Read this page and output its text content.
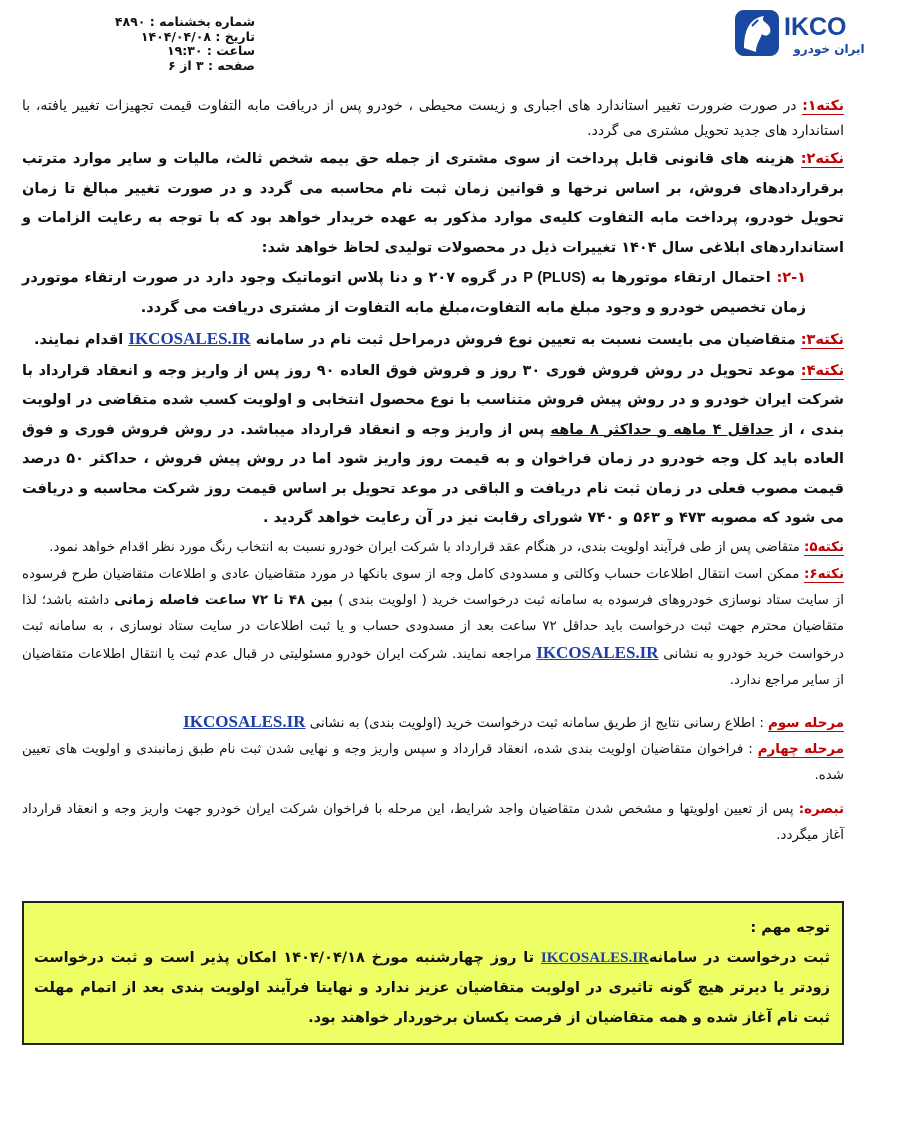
IKCO
ایران خودرو
شماره بخشنامه : ۴۸۹۰
تاریخ : ۱۴۰۴/۰۴/۰۸
ساعت : ۱۹:۳۰
صفحه : ۳ از ۶

نکته۱: در صورت ضرورت تغییر استاندارد های اجباری و زیست محیطی ، خودرو پس از دریافت مابه التفاوت قیمت تجهیزات تغییر یافته، با استاندارد های جدید تحویل مشتری می گردد.

نکته۲: هزینه های قانونی قابل پرداخت از سوی مشتری از جمله حق بیمه شخص ثالث، مالیات و سایر موارد مترتب برقراردادهای فروش، بر اساس نرخها و قوانین زمان ثبت نام محاسبه می گردد و در صورت تغییر مبالغ تا زمان تحویل خودرو، پرداخت مابه التفاوت کلیه‌ی موارد مذکور به عهده خریدار خواهد بود که با توجه به رعایت الزامات و استانداردهای ابلاغی سال ۱۴۰۴ تغییرات ذیل در محصولات تولیدی لحاظ خواهد شد:

۲-۱: احتمال ارتقاء موتورها به P (PLUS) در گروه ۲۰۷ و دنا پلاس اتوماتیک وجود دارد در صورت ارتقاء موتوردر زمان تخصیص خودرو و وجود مبلغ مابه التفاوت،مبلغ مابه التفاوت از مشتری دریافت می گردد.

نکته۳: متقاضیان می بایست نسبت به تعیین نوع فروش درمراحل ثبت نام در سامانه IKCOSALES.IR اقدام نمایند.

نکته۴: موعد تحویل در روش فروش فوری ۳۰ روز و فروش فوق العاده ۹۰ روز پس از واریز وجه و انعقاد قرارداد با شرکت ایران خودرو و در روش پیش فروش متناسب با نوع محصول انتخابی و اولویت کسب شده متقاضی در اولویت بندی ، از حداقل ۴ ماهه و حداکثر ۸ ماهه پس از واریز وجه و انعقاد قرارداد میباشد. در روش فروش فوری و فوق العاده باید کل وجه خودرو در زمان فراخوان و به قیمت روز واریز شود اما در روش پیش فروش ، حداکثر ۵۰ درصد قیمت مصوب فعلی در زمان ثبت نام دریافت و الباقی در موعد تحویل بر اساس قیمت روز شرکت محاسبه و دریافت می شود که مصوبه ۴۷۳ و ۵۶۳ و ۷۴۰ شورای رقابت نیز در آن رعایت خواهد گردید .

نکته۵: متقاضی پس از طی فرآیند اولویت بندی، در هنگام عقد قرارداد با شرکت ایران خودرو نسبت به انتخاب رنگ مورد نظر اقدام خواهد نمود.

نکته۶: ممکن است انتقال اطلاعات حساب وکالتی و مسدودی کامل وجه از سوی بانکها در مورد متقاضیان عادی و اطلاعات متقاضیان طرح فرسوده از سایت ستاد نوسازی خودروهای فرسوده به سامانه ثبت درخواست خرید ( اولویت بندی ) بین ۴۸ تا ۷۲ ساعت فاصله زمانی داشته باشد؛ لذا متقاضیان محترم جهت ثبت درخواست باید حداقل ۷۲ ساعت بعد از مسدودی حساب و یا ثبت اطلاعات در سایت ستاد نوسازی ، به سامانه ثبت درخواست خرید خودرو به نشانی IKCOSALES.IR مراجعه نمایند. شرکت ایران خودرو مسئولیتی در قبال عدم ثبت یا انتقال اطلاعات متقاضیان از سایر مراجع ندارد.

مرحله سوم : اطلاع رسانی نتایج از طریق سامانه ثبت درخواست خرید (اولویت بندی) به نشانی IKCOSALES.IR

مرحله چهارم : فراخوان متقاضیان اولویت بندی شده، انعقاد قرارداد و سپس واریز وجه و نهایی شدن ثبت نام طبق زمانبندی و اولویت های تعیین شده.

تبصره: پس از تعیین اولویتها و مشخص شدن متقاضیان واجد شرایط، این مرحله با فراخوان شرکت ایران خودرو جهت واریز وجه و انعقاد قرارداد آغاز میگردد.

توجه مهم :
ثبت درخواست در سامانهIKCOSALES.IR تا روز چهارشنبه مورخ ۱۴۰۴/۰۴/۱۸ امکان پذیر است و ثبت درخواست زودتر یا دیرتر هیچ گونه تاثیری در اولویت متقاضیان عزیز ندارد و نهایتا فرآیند اولویت بندی بعد از اتمام مهلت ثبت نام آغاز شده و همه متقاضیان از فرصت یکسان برخوردار خواهند بود.
